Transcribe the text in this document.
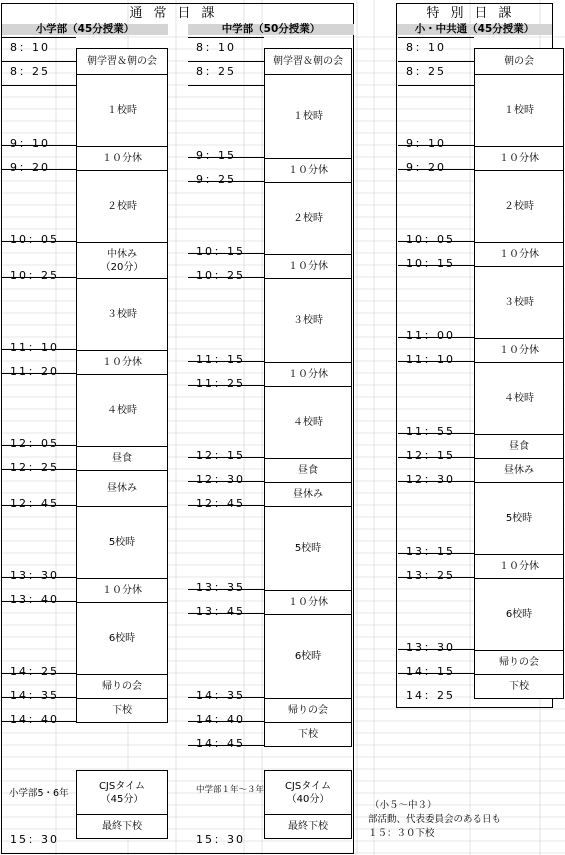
通常日課
小学部（45分授業）	中学部（50分授業）
8：10
8：25
9：10
9：20
10：05
10：25
11：10
11：20
12：05
12：25
12：45
13：30
13：40
14：25
14：35
14：40
15：30
朝学習＆朝の会
１校時
１０分休
２校時
中休み
（20分）
３校時
１０分休
４校時
昼食
昼休み
5校時
１０分休
6校時
帰りの会
下校
CJSタイム
（45分）
最終下校
8：10
8：25
9：15
9：25
10：15
10：25
11：15
11：25
12：15
12：30
12：45
13：35
13：45
14：35
14：40
14：45
15：30
朝学習＆朝の会
１校時
１０分休
２校時
１０分休
３校時
１０分休
４校時
昼食
昼休み
5校時
１０分休
6校時
帰りの会
下校
CJSタイム
（40分）
最終下校
小学部5・6年	中学部１年～３年
特別日課
小・中共通（45分授業）
8：10
8：25
9：10
9：20
10：05
10：15
11：00
11：10
11：55
12：15
12：30
13：15
13：25
13：30
14：15
14：25
朝の会
１校時
１０分休
２校時
１０分休
３校時
１０分休
４校時
昼食
昼休み
5校時
１０分休
6校時
帰りの会
下校
（小５～中３）
部活動、代表委員会のある日も
１５：３０下校
